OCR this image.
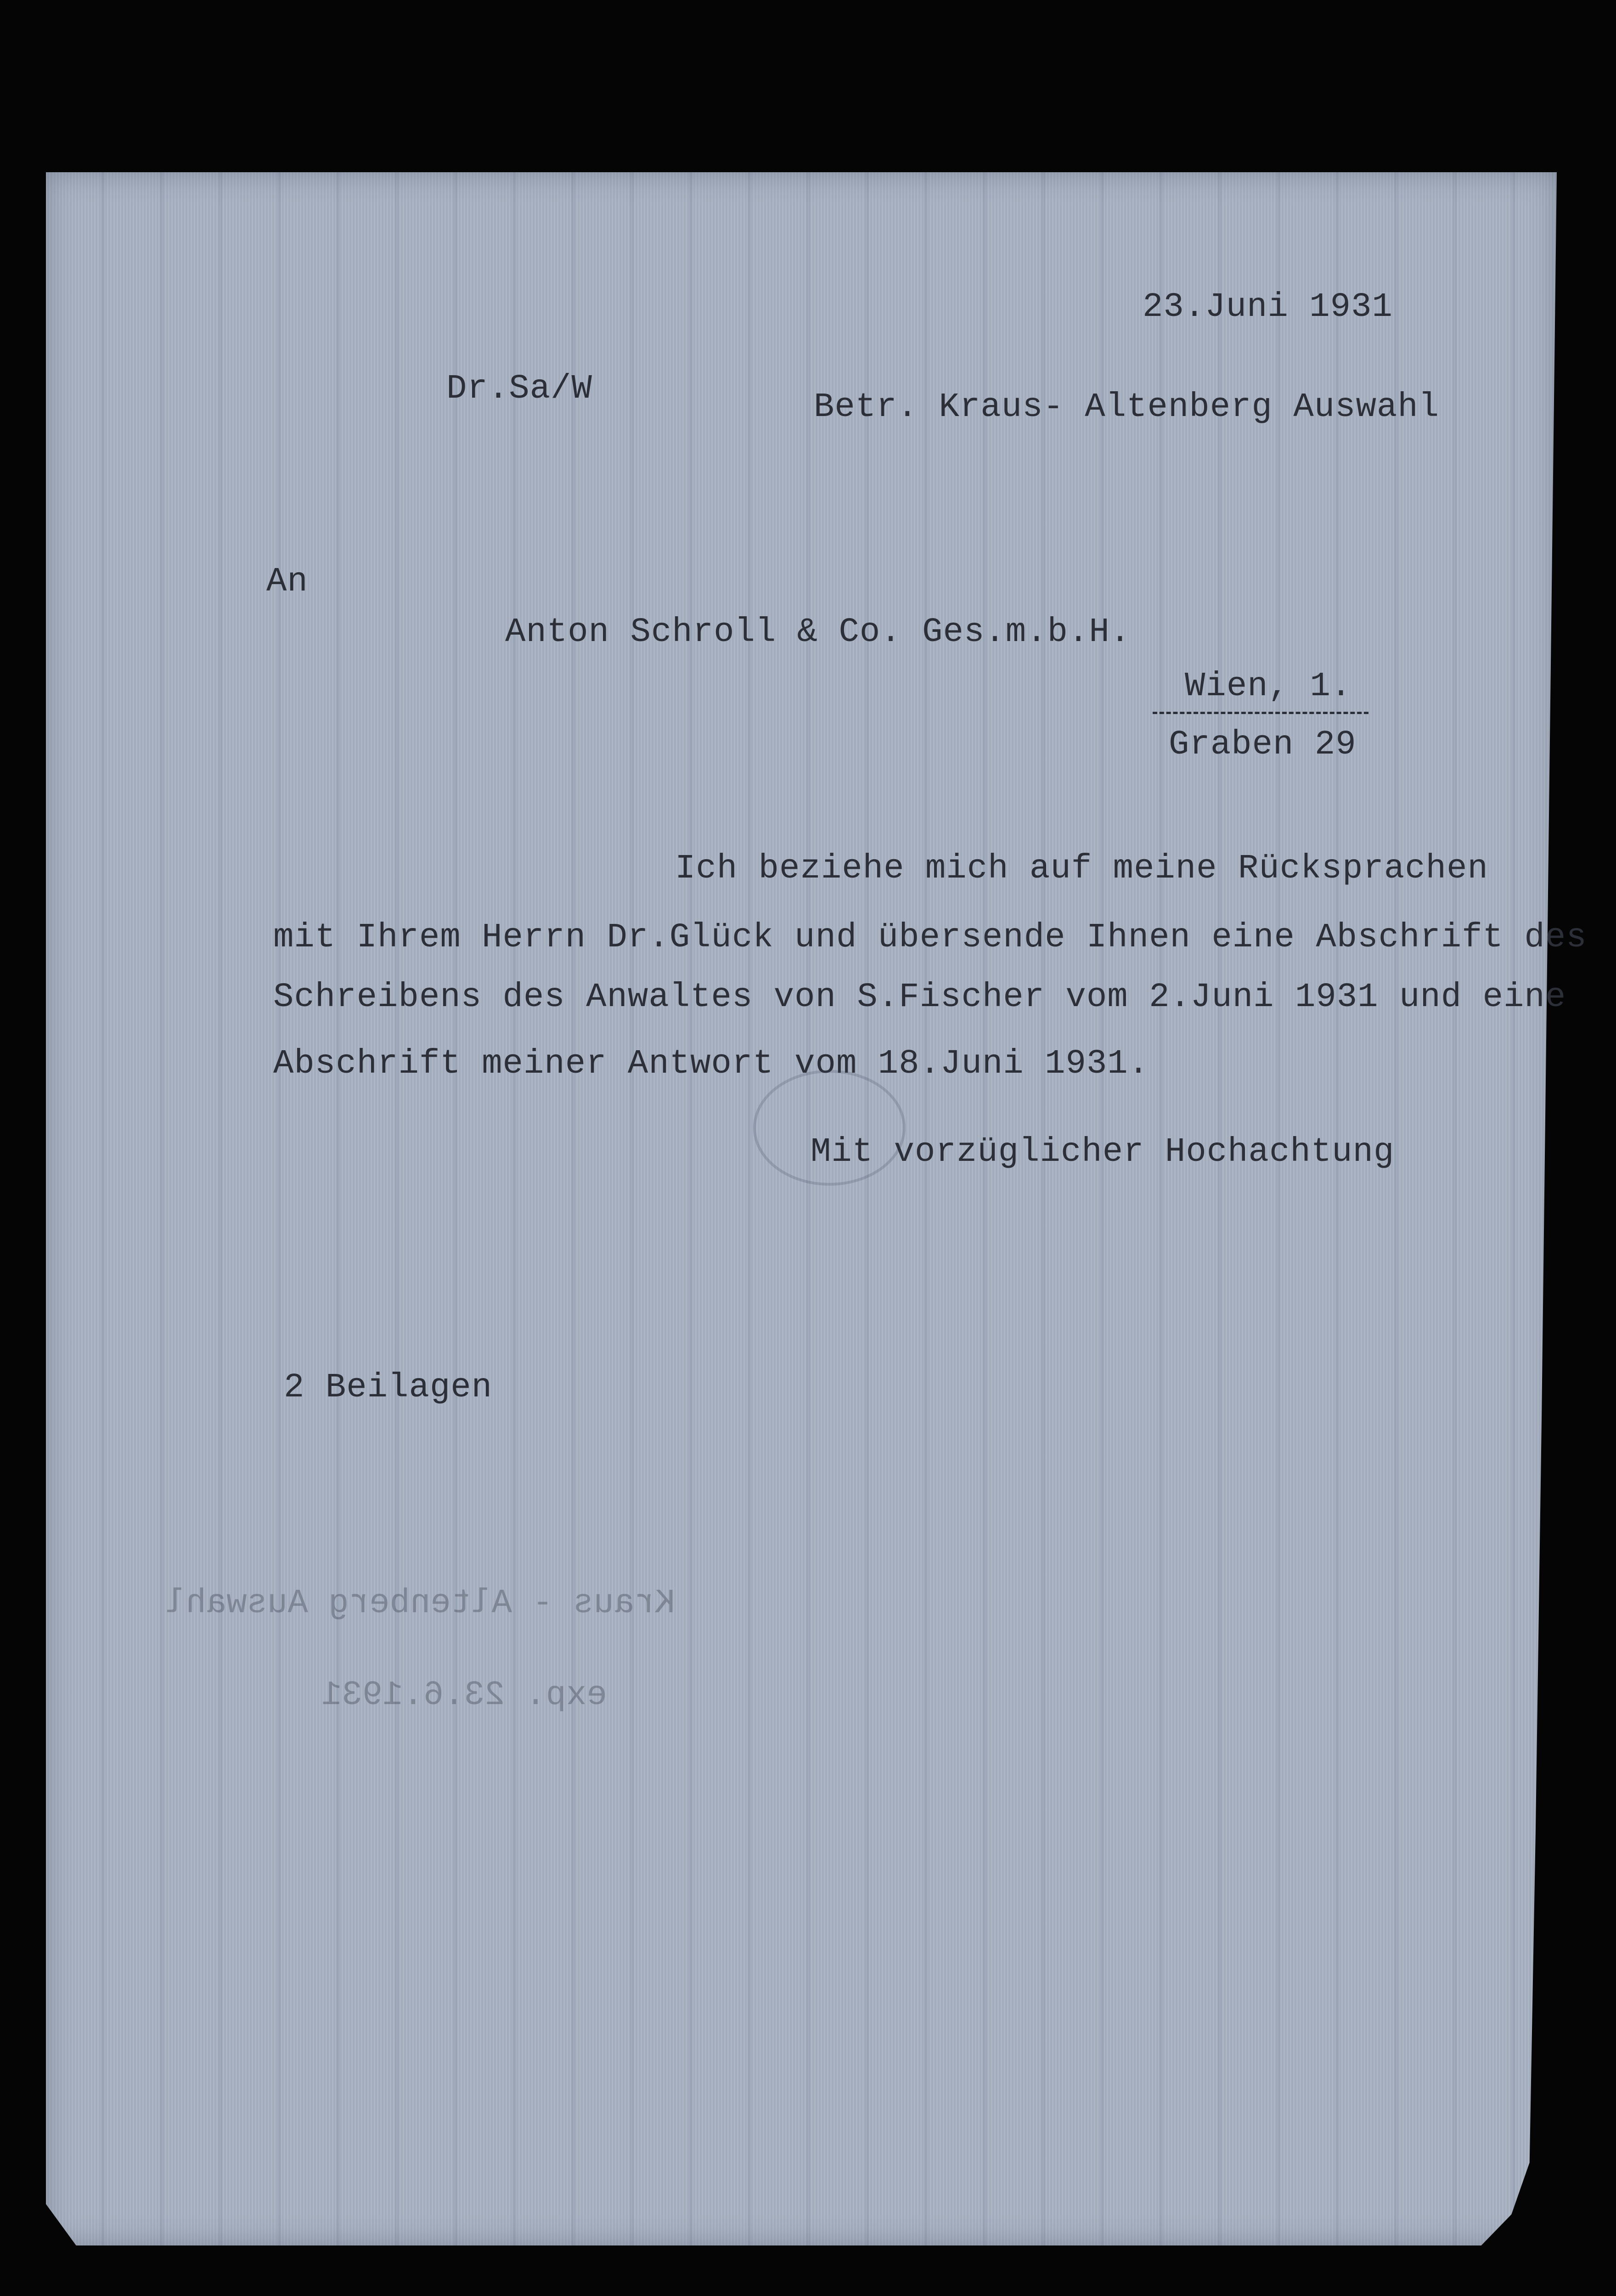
23.Juni 1931
Dr.Sa/W	Betr. Kraus- Altenberg Auswahl
An
Anton Schroll & Co. Ges.m.b.H.
Wien, 1.
Graben 29
Ich beziehe mich auf meine Rücksprachen
mit Ihrem Herrn Dr.Glück und übersende Ihnen eine Abschrift des
Schreibens des Anwaltes von S.Fischer vom 2.Juni 1931 und eine
Abschrift meiner Antwort vom 18.Juni 1931.
Mit vorzüglicher Hochachtung
2 Beilagen
Kraus - Altenberg Auswahl
exp. 23.6.1931
